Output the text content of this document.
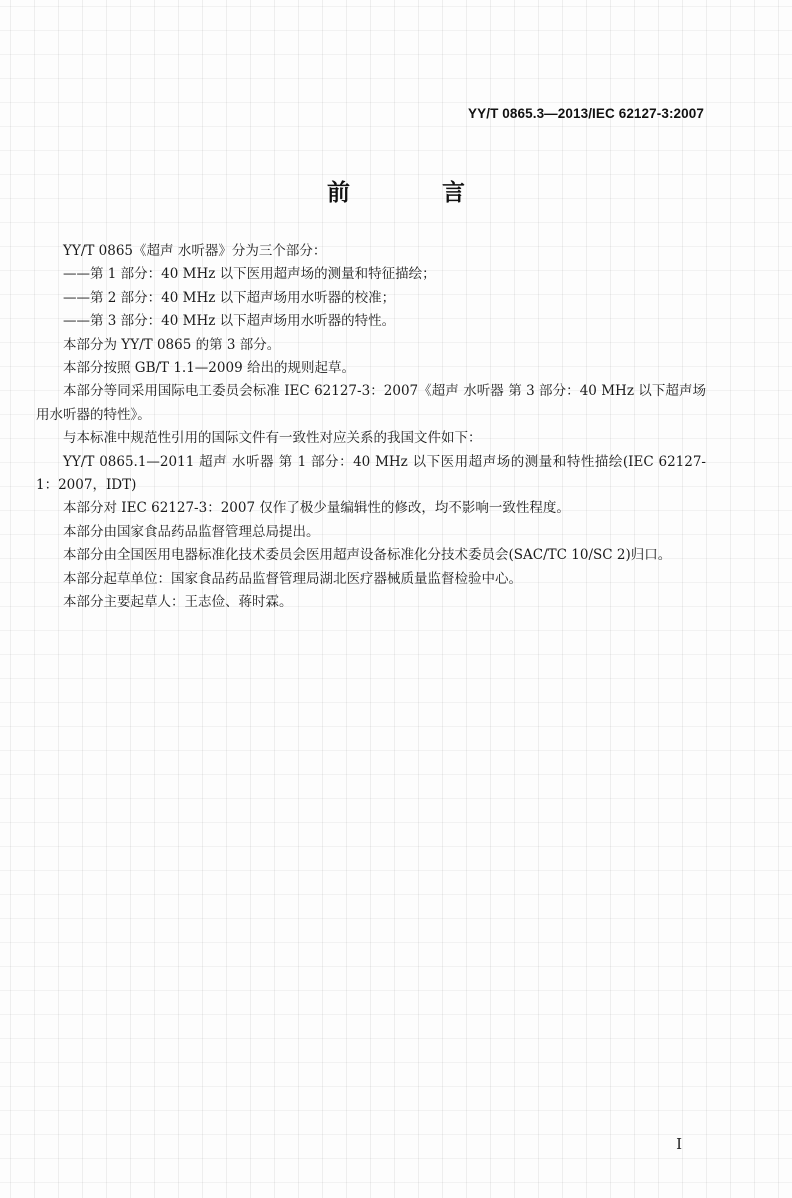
YY/T 0865.3—2013/IEC 62127-3:2007
前 言

YY/T 0865《超声 水听器》分为三个部分：

——第 1 部分：40 MHz 以下医用超声场的测量和特征描绘；

——第 2 部分：40 MHz 以下超声场用水听器的校准；

——第 3 部分：40 MHz 以下超声场用水听器的特性。

本部分为 YY/T 0865 的第 3 部分。

本部分按照 GB/T 1.1—2009 给出的规则起草。

本部分等同采用国际电工委员会标准 IEC 62127-3：2007《超声 水听器 第 3 部分：40 MHz 以下超声场用水听器的特性》。

与本标准中规范性引用的国际文件有一致性对应关系的我国文件如下：

YY/T 0865.1—2011 超声 水听器 第 1 部分：40 MHz 以下医用超声场的测量和特性描绘(IEC 62127-1：2007，IDT)

本部分对 IEC 62127-3：2007 仅作了极少量编辑性的修改，均不影响一致性程度。

本部分由国家食品药品监督管理总局提出。

本部分由全国医用电器标准化技术委员会医用超声设备标准化分技术委员会(SAC/TC 10/SC 2)归口。

本部分起草单位：国家食品药品监督管理局湖北医疗器械质量监督检验中心。

本部分主要起草人：王志俭、蒋时霖。

I
